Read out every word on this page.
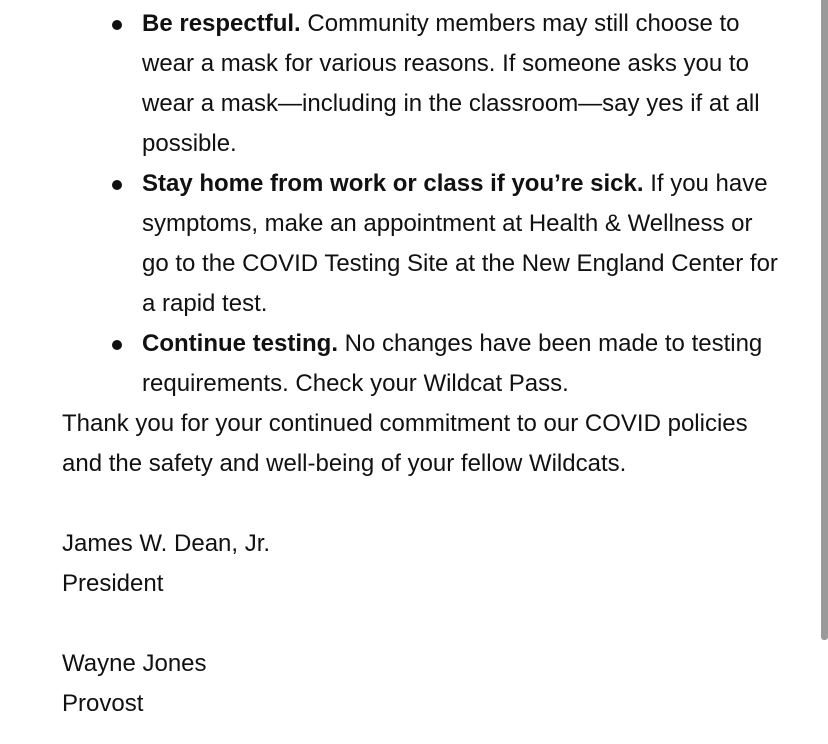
Be respectful. Community members may still choose to wear a mask for various reasons. If someone asks you to wear a mask—including in the classroom—say yes if at all possible.
Stay home from work or class if you’re sick. If you have symptoms, make an appointment at Health & Wellness or go to the COVID Testing Site at the New England Center for a rapid test.
Continue testing. No changes have been made to testing requirements. Check your Wildcat Pass.

Thank you for your continued commitment to our COVID policies and the safety and well-being of your fellow Wildcats.

James W. Dean, Jr.

President

Wayne Jones

Provost
